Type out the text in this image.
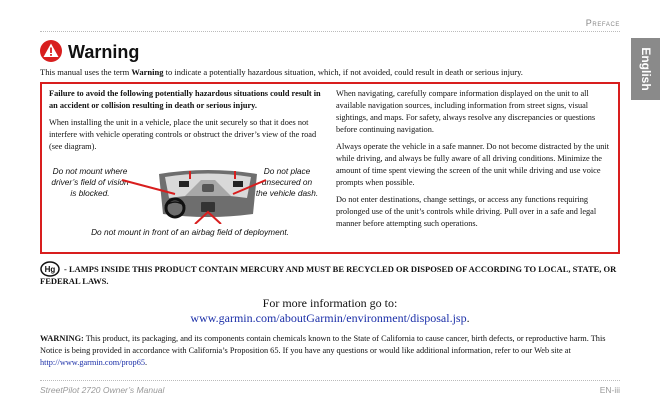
Preface
English
Warning
This manual uses the term Warning to indicate a potentially hazardous situation, which, if not avoided, could result in death or serious injury.

Failure to avoid the following potentially hazardous situations could result in an accident or collision resulting in death or serious injury.

When installing the unit in a vehicle, place the unit securely so that it does not interfere with vehicle operating controls or obstruct the driver’s view of the road (see diagram).

Do not mount where driver’s field of vision is blocked.
Do not place unsecured on the vehicle dash.
Do not mount in front of an airbag field of deployment.

When navigating, carefully compare information displayed on the unit to all available navigation sources, including information from street signs, visual sightings, and maps. For safety, always resolve any discrepancies or questions before continuing navigation.

Always operate the vehicle in a safe manner. Do not become distracted by the unit while driving, and always be fully aware of all driving conditions. Minimize the amount of time spent viewing the screen of the unit while driving and use voice prompts when possible.

Do not enter destinations, change settings, or access any functions requiring prolonged use of the unit’s controls while driving. Pull over in a safe and legal manner before attempting such operations.

Hg	- LAMPS INSIDE THIS PRODUCT CONTAIN MERCURY AND MUST BE RECYCLED OR DISPOSED OF ACCORDING TO LOCAL, STATE, OR FEDERAL LAWS.
For more information go to:
www.garmin.com/aboutGarmin/environment/disposal.jsp.
WARNING: This product, its packaging, and its components contain chemicals known to the State of California to cause cancer, birth defects, or reproductive harm. This Notice is being provided in accordance with California’s Proposition 65. If you have any questions or would like additional information, refer to our Web site at http://www.garmin.com/prop65.
StreetPilot 2720 Owner’s Manual	EN-iii
